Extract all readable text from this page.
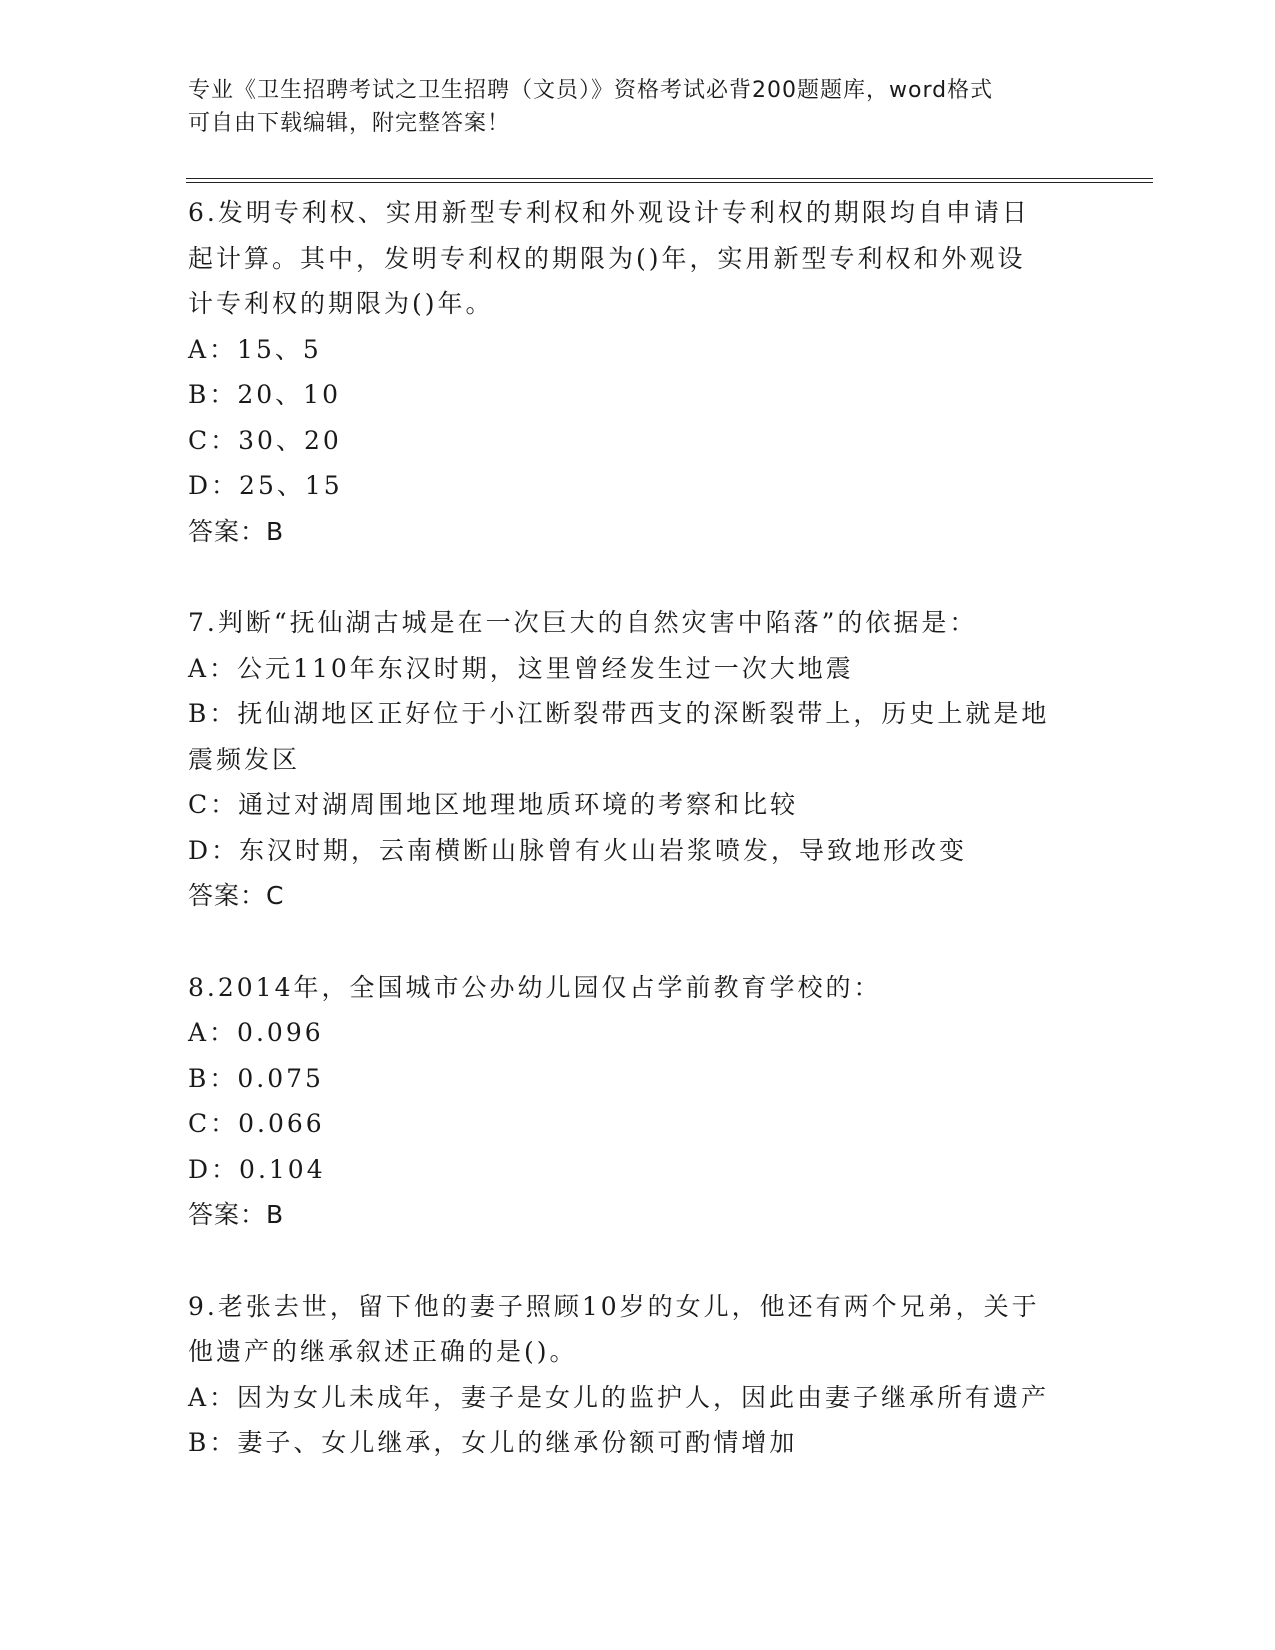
专业《卫生招聘考试之卫生招聘（文员）》资格考试必背200题题库，word格式
可自由下载编辑，附完整答案！
6.发明专利权、实用新型专利权和外观设计专利权的期限均自申请日
起计算。其中，发明专利权的期限为()年，实用新型专利权和外观设
计专利权的期限为()年。
A：15、5
B：20、10
C：30、20
D：25、15
答案：B
7.判断“抚仙湖古城是在一次巨大的自然灾害中陷落”的依据是：
A：公元110年东汉时期，这里曾经发生过一次大地震
B：抚仙湖地区正好位于小江断裂带西支的深断裂带上，历史上就是地
震频发区
C：通过对湖周围地区地理地质环境的考察和比较
D：东汉时期，云南横断山脉曾有火山岩浆喷发，导致地形改变
答案：C
8.2014年，全国城市公办幼儿园仅占学前教育学校的：
A：0.096
B：0.075
C：0.066
D：0.104
答案：B
9.老张去世，留下他的妻子照顾10岁的女儿，他还有两个兄弟，关于
他遗产的继承叙述正确的是()。
A：因为女儿未成年，妻子是女儿的监护人，因此由妻子继承所有遗产
B：妻子、女儿继承，女儿的继承份额可酌情增加
